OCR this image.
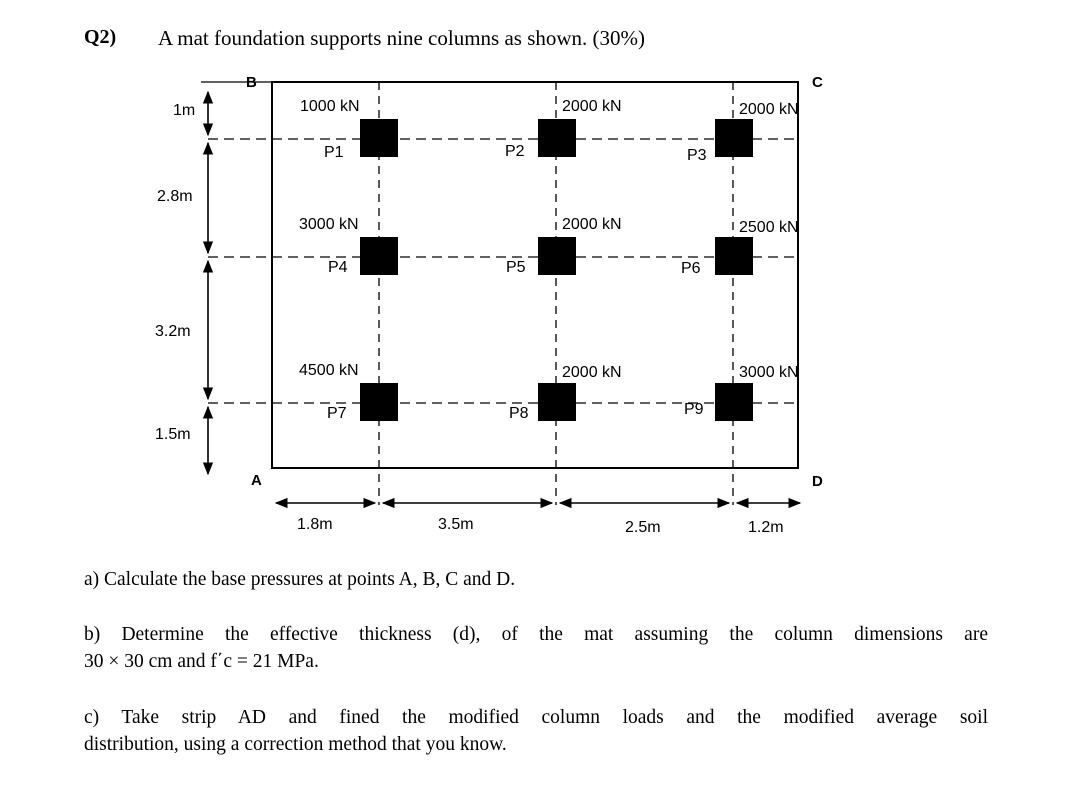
Q2) A mat foundation supports nine columns as shown. (30%)
B	C
A	D
1000 kN	2000 kN	2000 kN
3000 kN	2000 kN	2500 kN
4500 kN	2000 kN	3000 kN
P1	P2	P3
P4	P5	P6
P7	P8	P9
1m
2.8m
3.2m
1.5m
1.8m	3.5m	2.5m	1.2m
a) Calculate the base pressures at points A, B, C and D.
b) Determine the effective thickness (d), of the mat assuming the column dimensions are
30 × 30 cm and f΄c = 21 MPa.
c) Take strip AD and fined the modified column loads and the modified average soil
distribution, using a correction method that you know.
